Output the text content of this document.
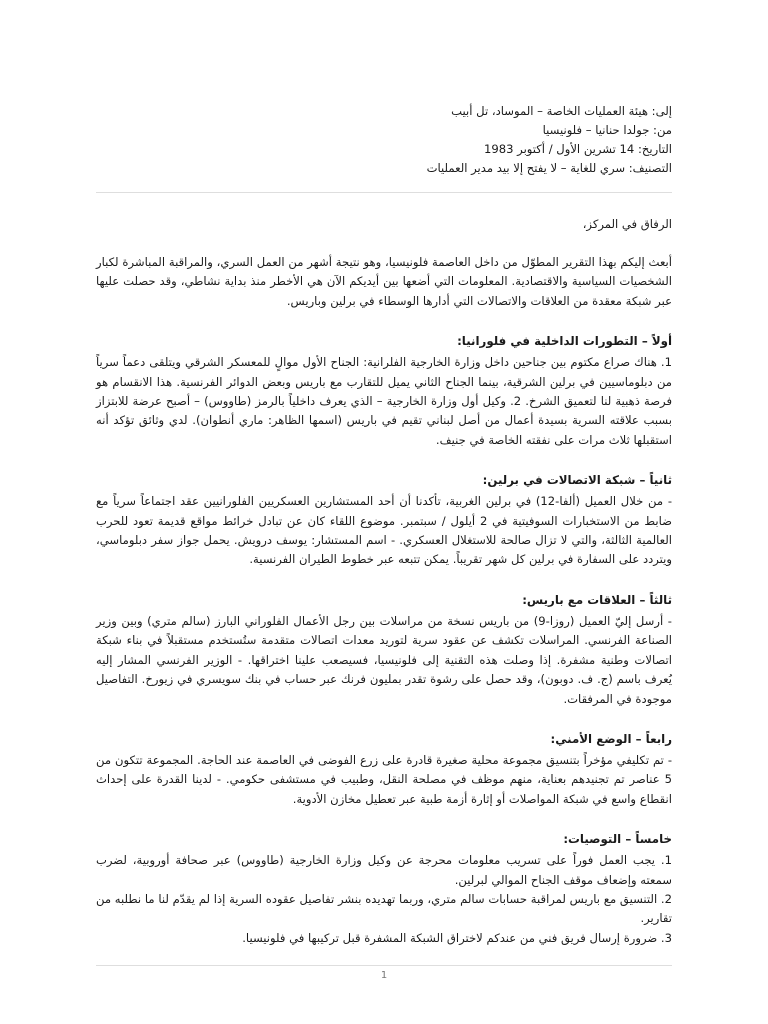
إلى: هيئة العمليات الخاصة – الموساد، تل أبيب

من: جولدا حنانيا – فلونيسيا

التاريخ: 14 تشرين الأول / أكتوبر 1983

التصنيف: سري للغاية – لا يفتح إلا بيد مدير العمليات

الرفاق في المركز،

أبعث إليكم بهذا التقرير المطوّل من داخل العاصمة فلونيسيا، وهو نتيجة أشهر من العمل السري، والمراقبة المباشرة لكبار الشخصيات السياسية والاقتصادية. المعلومات التي أضعها بين أيديكم الآن هي الأخطر منذ بداية نشاطي، وقد حصلت عليها عبر شبكة معقدة من العلاقات والاتصالات التي أدارها الوسطاء في برلين وباريس.

أولاً – التطورات الداخلية في فلورانيا:

1. هناك صراع مكتوم بين جناحين داخل وزارة الخارجية الفلرانية: الجناح الأول موالٍ للمعسكر الشرقي ويتلقى دعماً سرياً من دبلوماسيين في برلين الشرقية، بينما الجناح الثاني يميل للتقارب مع باريس وبعض الدوائر الفرنسية. هذا الانقسام هو فرصة ذهبية لنا لتعميق الشرخ. 2. وكيل أول وزارة الخارجية – الذي يعرف داخلياً بالرمز (طاووس) – أصبح عرضة للابتزاز بسبب علاقته السرية بسيدة أعمال من أصل لبناني تقيم في باريس (اسمها الظاهر: ماري أنطوان). لدي وثائق تؤكد أنه استقبلها ثلاث مرات على نفقته الخاصة في جنيف.

ثانياً – شبكة الاتصالات في برلين:

- من خلال العميل (ألفا-12) في برلين الغربية، تأكدنا أن أحد المستشارين العسكريين الفلورانيين عقد اجتماعاً سرياً مع ضابط من الاستخبارات السوفيتية في 2 أيلول / سبتمبر. موضوع اللقاء كان عن تبادل خرائط مواقع قديمة تعود للحرب العالمية الثالثة، والتي لا تزال صالحة للاستغلال العسكري. - اسم المستشار: يوسف درويش. يحمل جواز سفر دبلوماسي، ويتردد على السفارة في برلين كل شهر تقريباً. يمكن تتبعه عبر خطوط الطيران الفرنسية.

ثالثاً – العلاقات مع باريس:

- أرسل إليّ العميل (روزا-9) من باريس نسخة من مراسلات بين رجل الأعمال الفلوراني البارز (سالم متري) وبين وزير الصناعة الفرنسي. المراسلات تكشف عن عقود سرية لتوريد معدات اتصالات متقدمة ستُستخدم مستقبلاً في بناء شبكة اتصالات وطنية مشفرة. إذا وصلت هذه التقنية إلى فلونيسيا، فسيصعب علينا اختراقها. - الوزير الفرنسي المشار إليه يُعرف باسم (ج. ف. دوبون)، وقد حصل على رشوة تقدر بمليون فرنك عبر حساب في بنك سويسري في زيورخ. التفاصيل موجودة في المرفقات.

رابعاً – الوضع الأمني:

- تم تكليفي مؤخراً بتنسيق مجموعة محلية صغيرة قادرة على زرع الفوضى في العاصمة عند الحاجة. المجموعة تتكون من 5 عناصر تم تجنيدهم بعناية، منهم موظف في مصلحة النقل، وطبيب في مستشفى حكومي. - لدينا القدرة على إحداث انقطاع واسع في شبكة المواصلات أو إثارة أزمة طبية عبر تعطيل مخازن الأدوية.

خامساً – التوصيات:

1. يجب العمل فوراً على تسريب معلومات محرجة عن وكيل وزارة الخارجية (طاووس) عبر صحافة أوروبية، لضرب سمعته وإضعاف موقف الجناح الموالي لبرلين.

2. التنسيق مع باريس لمراقبة حسابات سالم متري، وربما تهديده بنشر تفاصيل عقوده السرية إذا لم يقدّم لنا ما نطلبه من تقارير.

3. ضرورة إرسال فريق فني من عندكم لاختراق الشبكة المشفرة قبل تركيبها في فلونيسيا.

1
